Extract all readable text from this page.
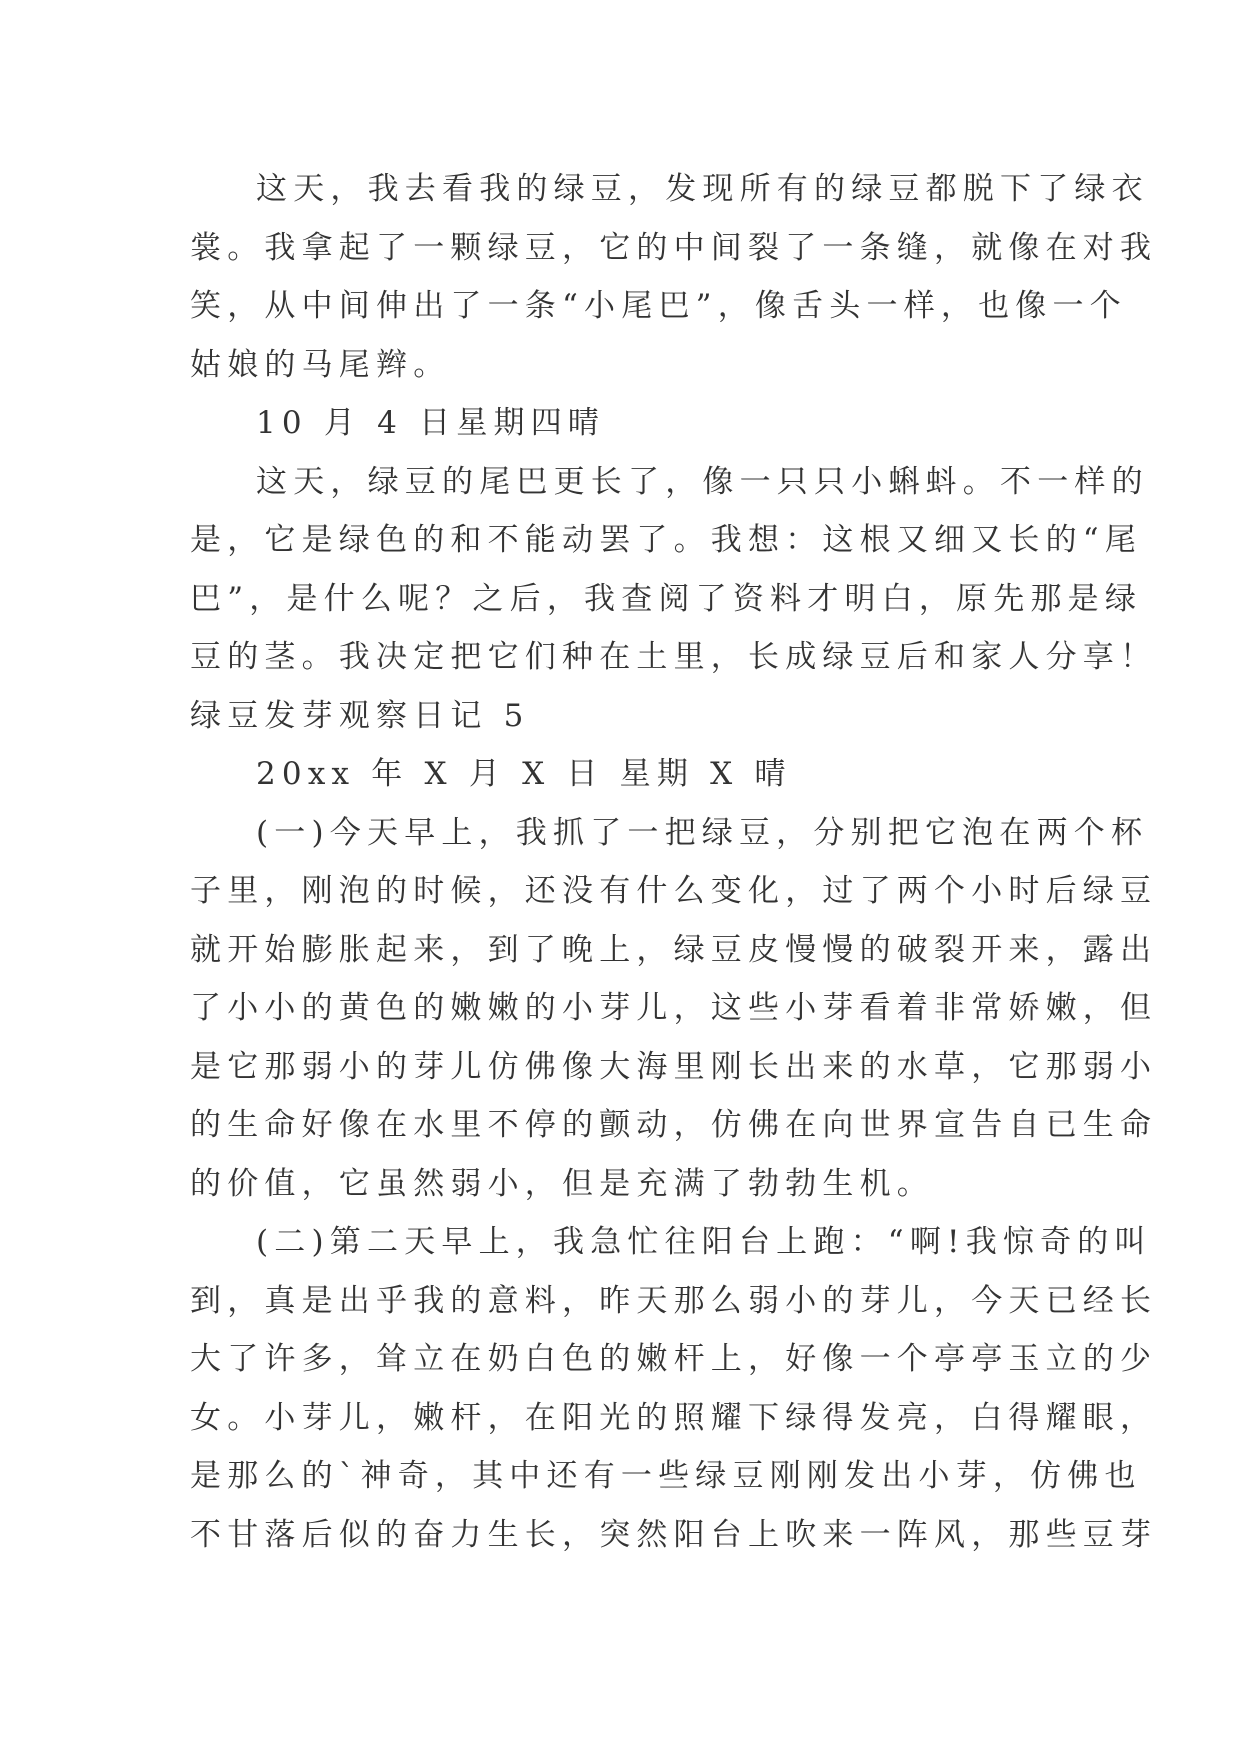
这天，我去看我的绿豆，发现所有的绿豆都脱下了绿衣
裳。我拿起了一颗绿豆，它的中间裂了一条缝，就像在对我
笑，从中间伸出了一条“小尾巴”，像舌头一样，也像一个
姑娘的马尾辫。
10 月 4 日星期四晴
这天，绿豆的尾巴更长了，像一只只小蝌蚪。不一样的
是，它是绿色的和不能动罢了。我想：这根又细又长的“尾
巴”，是什么呢？之后，我查阅了资料才明白，原先那是绿
豆的茎。我决定把它们种在土里，长成绿豆后和家人分享！
绿豆发芽观察日记 5
20xx 年 X 月 X 日 星期 X 晴
(一)今天早上，我抓了一把绿豆，分别把它泡在两个杯
子里，刚泡的时候，还没有什么变化，过了两个小时后绿豆
就开始膨胀起来，到了晚上，绿豆皮慢慢的破裂开来，露出
了小小的黄色的嫩嫩的小芽儿，这些小芽看着非常娇嫩，但
是它那弱小的芽儿仿佛像大海里刚长出来的水草，它那弱小
的生命好像在水里不停的颤动，仿佛在向世界宣告自已生命
的价值，它虽然弱小，但是充满了勃勃生机。
(二)第二天早上，我急忙往阳台上跑：“啊!我惊奇的叫
到，真是出乎我的意料，昨天那么弱小的芽儿，今天已经长
大了许多，耸立在奶白色的嫩杆上，好像一个亭亭玉立的少
女。小芽儿，嫩杆，在阳光的照耀下绿得发亮，白得耀眼，
是那么的`神奇，其中还有一些绿豆刚刚发出小芽，仿佛也
不甘落后似的奋力生长，突然阳台上吹来一阵风，那些豆芽
